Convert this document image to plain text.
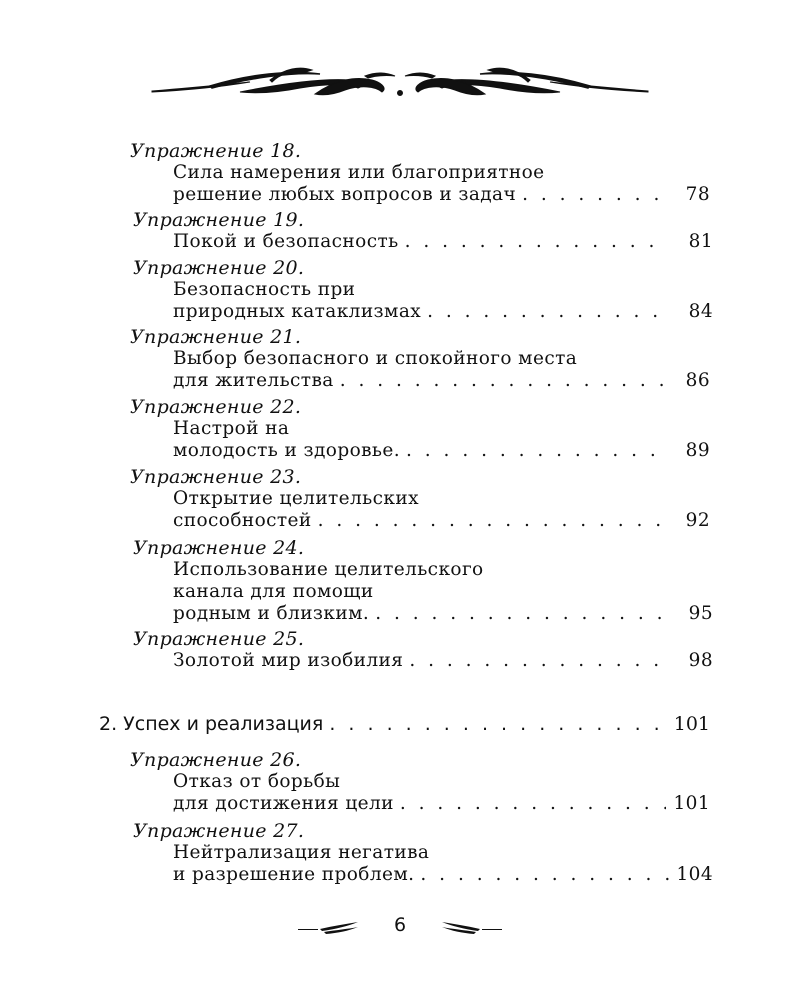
Упражнение 18.
Сила намерения или благоприятное
решение любых вопросов и задач . . .	78
Упражнение 19.
Покой и безопасность . . .	81
Упражнение 20.
Безопасность при
природных катаклизмах . . .	84
Упражнение 21.
Выбор безопасного и спокойного места
для жительства . . .	86
Упражнение 22.
Настрой на
молодость и здоровье. . . .	89
Упражнение 23.
Открытие целительских
способностей . . .	92
Упражнение 24.
Использование целительского
канала для помощи
родным и близким. . . .	95
Упражнение 25.
Золотой мир изобилия . . .	98
2. Успех и реализация . . .	101
Упражнение 26.
Отказ от борьбы
для достижения цели . . .	101
Упражнение 27.
Нейтрализация негатива
и разрешение проблем. . . .	104
6
